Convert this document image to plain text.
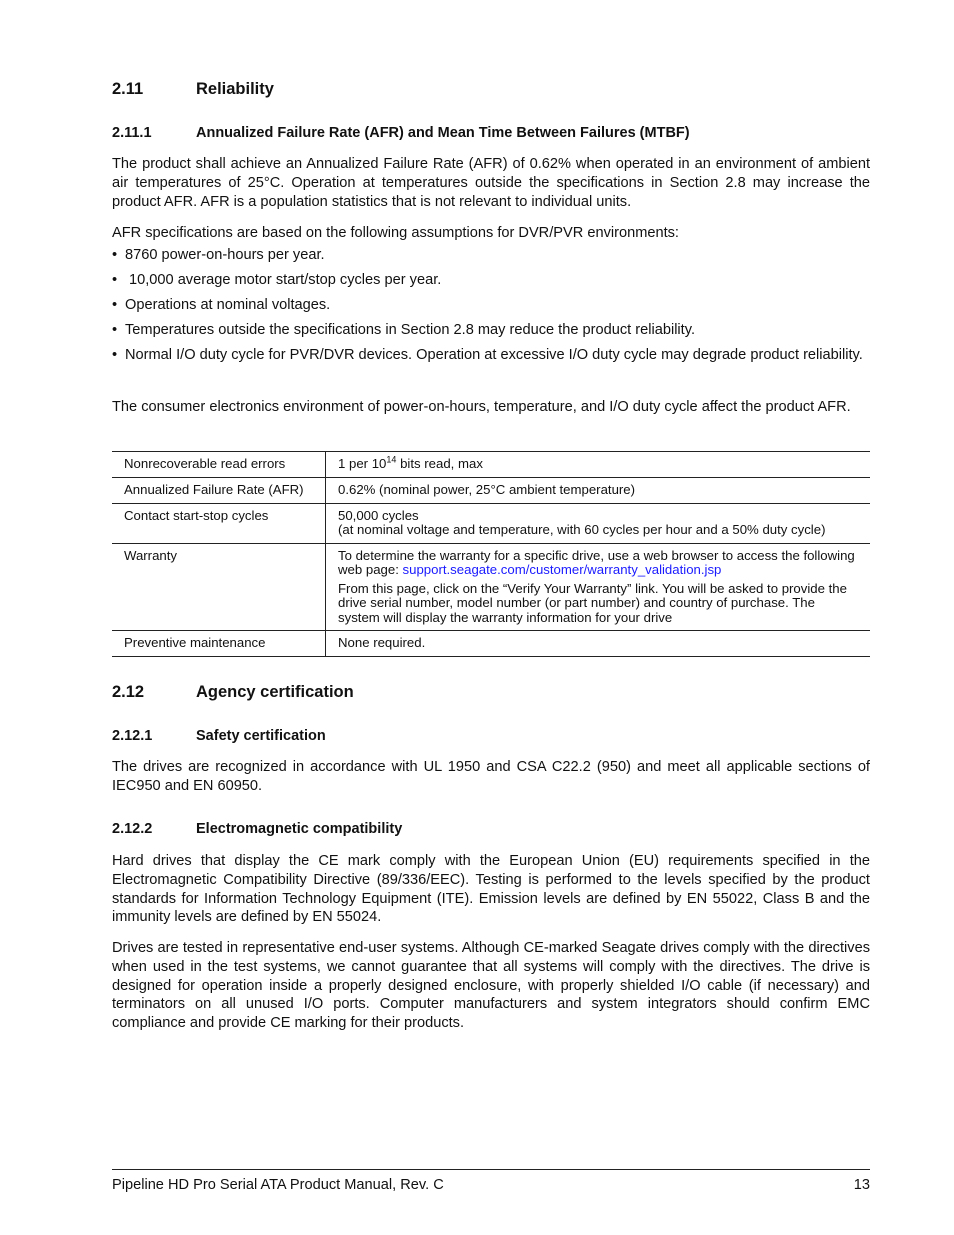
2.11	Reliability
2.11.1	Annualized Failure Rate (AFR) and Mean Time Between Failures (MTBF)

The product shall achieve an Annualized Failure Rate (AFR) of 0.62% when operated in an environment of ambient air temperatures of 25°C. Operation at temperatures outside the specifications in Section 2.8 may increase the product AFR. AFR is a population statistics that is not relevant to individual units.

AFR specifications are based on the following assumptions for DVR/PVR environments:

• 8760 power-on-hours per year.
• 10,000 average motor start/stop cycles per year.
• Operations at nominal voltages.
• Temperatures outside the specifications in Section 2.8 may reduce the product reliability.
• Normal I/O duty cycle for PVR/DVR devices. Operation at excessive I/O duty cycle may degrade product reliability.

The consumer electronics environment of power-on-hours, temperature, and I/O duty cycle affect the product AFR.

Nonrecoverable read errors	1 per $10^{14}$ bits read, max
Annualized Failure Rate (AFR)	0.62% (nominal power, 25°C ambient temperature)
Contact start-stop cycles	50,000 cycles
(at nominal voltage and temperature, with 60 cycles per hour and a 50% duty cycle)

Warranty	To determine the warranty for a specific drive, use a web browser to access the following web page: support.seagate.com/customer/warranty_validation.jsp

From this page, click on the “Verify Your Warranty” link. You will be asked to provide the drive serial number, model number (or part number) and country of purchase. The system will display the warranty information for your drive

Preventive maintenance	None required.
2.12	Agency certification
2.12.1	Safety certification

The drives are recognized in accordance with UL 1950 and CSA C22.2 (950) and meet all applicable sections of IEC950 and EN 60950.

2.12.2	Electromagnetic compatibility

Hard drives that display the CE mark comply with the European Union (EU) requirements specified in the Electromagnetic Compatibility Directive (89/336/EEC). Testing is performed to the levels specified by the product standards for Information Technology Equipment (ITE). Emission levels are defined by EN 55022, Class B and the immunity levels are defined by EN 55024.

Drives are tested in representative end-user systems. Although CE-marked Seagate drives comply with the directives when used in the test systems, we cannot guarantee that all systems will comply with the directives. The drive is designed for operation inside a properly designed enclosure, with properly shielded I/O cable (if necessary) and terminators on all unused I/O ports. Computer manufacturers and system integrators should confirm EMC compliance and provide CE marking for their products.

Pipeline HD Pro Serial ATA Product Manual, Rev. C	13
